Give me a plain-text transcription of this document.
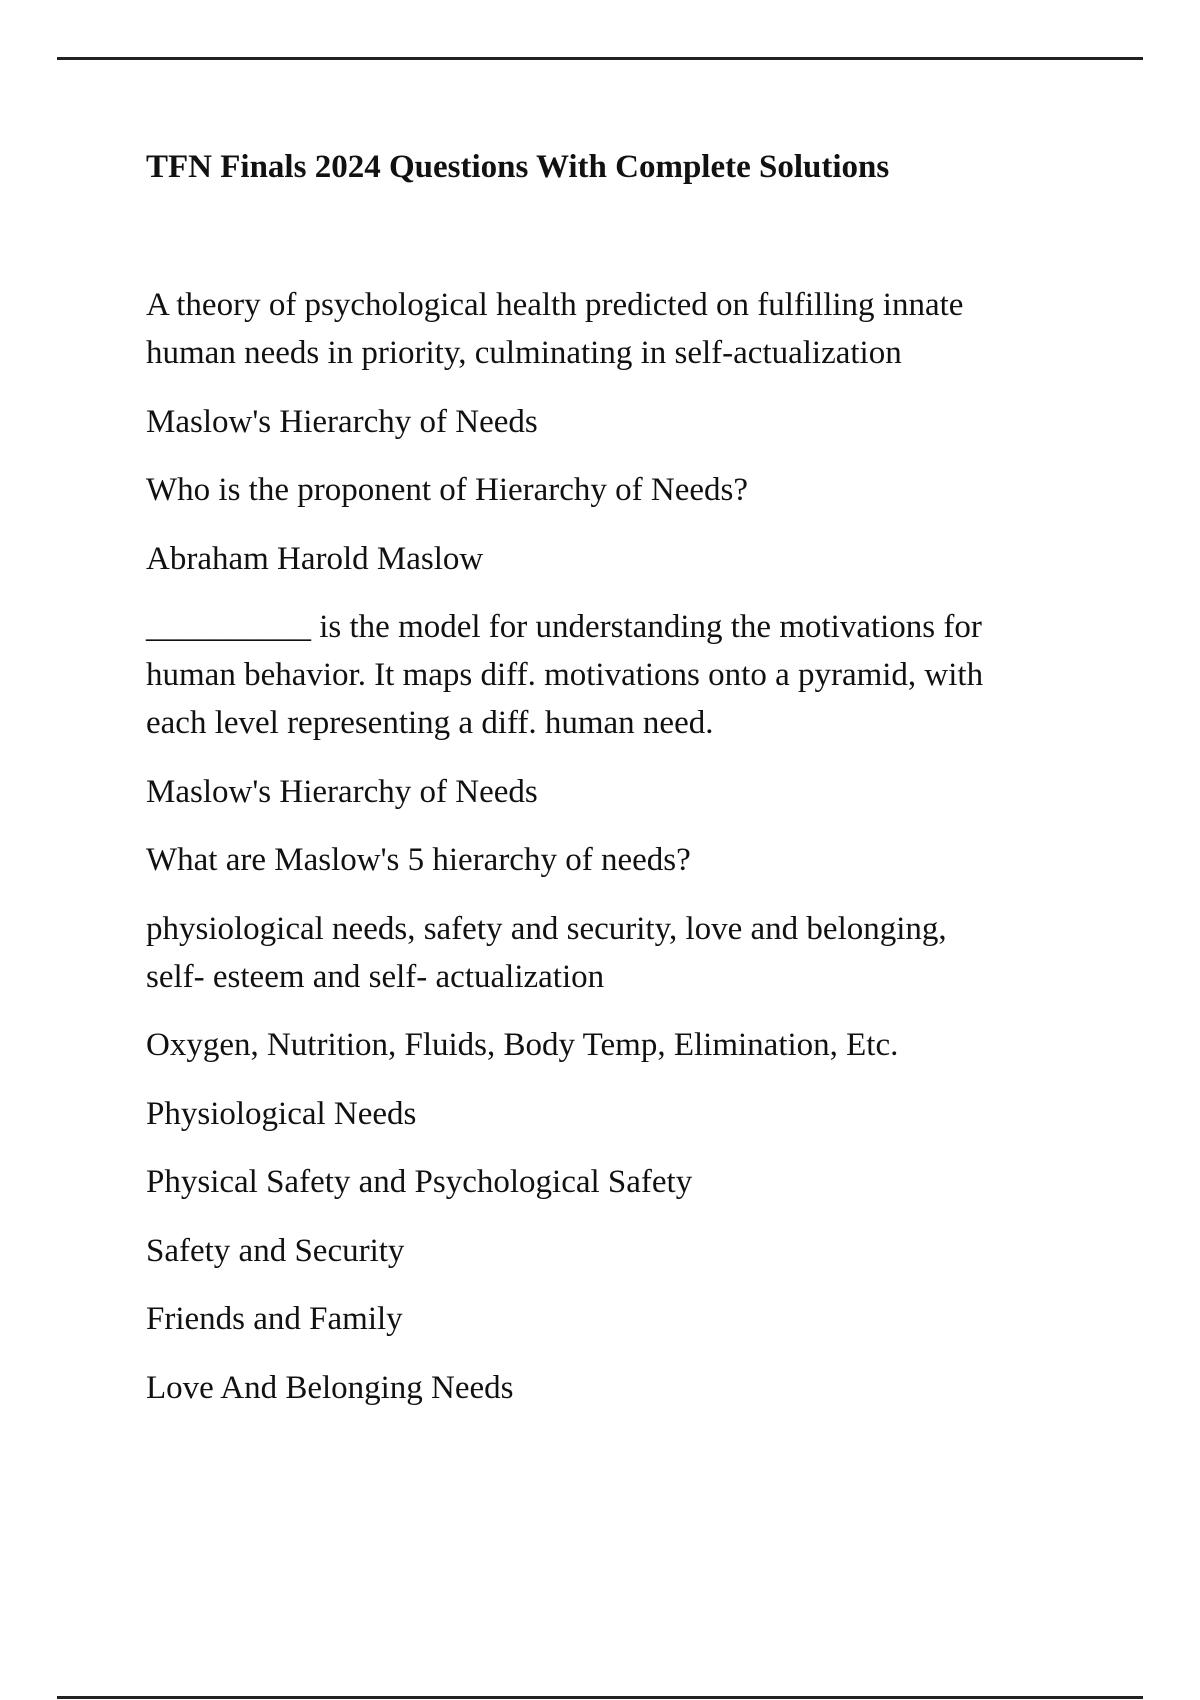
TFN Finals 2024 Questions With Complete Solutions

A theory of psychological health predicted on fulfilling innate
human needs in priority, culminating in self-actualization

Maslow's Hierarchy of Needs

Who is the proponent of Hierarchy of Needs?

Abraham Harold Maslow

__________ is the model for understanding the motivations for
human behavior. It maps diff. motivations onto a pyramid, with
each level representing a diff. human need.

Maslow's Hierarchy of Needs

What are Maslow's 5 hierarchy of needs?

physiological needs, safety and security, love and belonging,
self- esteem and self- actualization

Oxygen, Nutrition, Fluids, Body Temp, Elimination, Etc.

Physiological Needs

Physical Safety and Psychological Safety

Safety and Security

Friends and Family

Love And Belonging Needs
